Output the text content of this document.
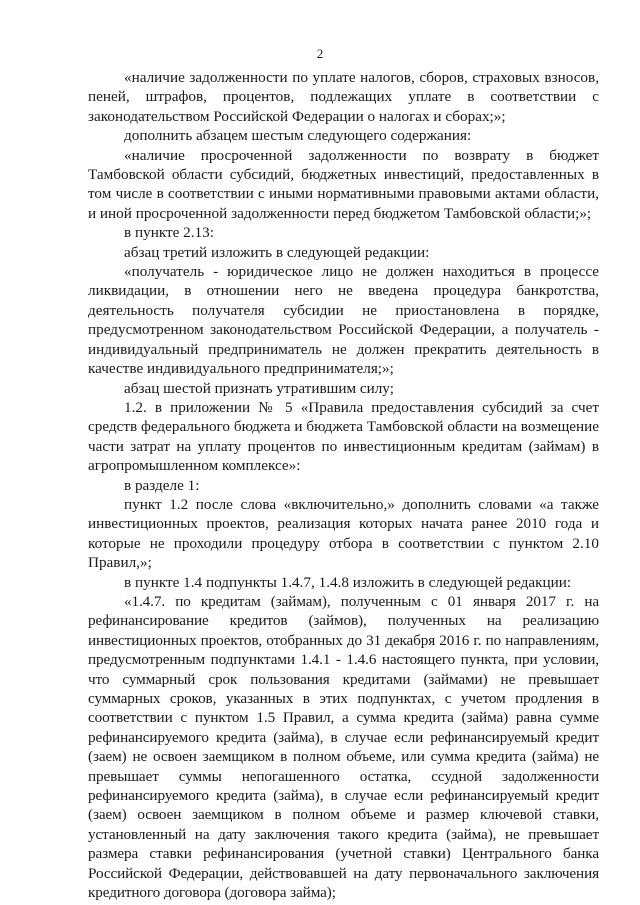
2

«наличие задолженности по уплате налогов, сборов, страховых взносов, пеней, штрафов, процентов, подлежащих уплате в соответствии с законодательством Российской Федерации о налогах и сборах;»;

дополнить абзацем шестым следующего содержания:

«наличие просроченной задолженности по возврату в бюджет Тамбовской области субсидий, бюджетных инвестиций, предоставленных в том числе в соответствии с иными нормативными правовыми актами области, и иной просроченной задолженности перед бюджетом Тамбовской области;»;

в пункте 2.13:

абзац третий изложить в следующей редакции:

«получатель - юридическое лицо не должен находиться в процессе ликвидации, в отношении него не введена процедура банкротства, деятельность получателя субсидии не приостановлена в порядке, предусмотренном законодательством Российской Федерации, а получатель - индивидуальный предприниматель не должен прекратить деятельность в качестве индивидуального предпринимателя;»;

абзац шестой признать утратившим силу;

1.2. в приложении № 5 «Правила предоставления субсидий за счет средств федерального бюджета и бюджета Тамбовской области на возмещение части затрат на уплату процентов по инвестиционным кредитам (займам) в агропромышленном комплексе»:

в разделе 1:

пункт 1.2 после слова «включительно,» дополнить словами «а также инвестиционных проектов, реализация которых начата ранее 2010 года и которые не проходили процедуру отбора в соответствии с пунктом 2.10 Правил,»;

в пункте 1.4 подпункты 1.4.7, 1.4.8 изложить в следующей редакции:

«1.4.7. по кредитам (займам), полученным с 01 января 2017 г. на рефинансирование кредитов (займов), полученных на реализацию инвестиционных проектов, отобранных до 31 декабря 2016 г. по направлениям, предусмотренным подпунктами 1.4.1 - 1.4.6 настоящего пункта, при условии, что суммарный срок пользования кредитами (займами) не превышает суммарных сроков, указанных в этих подпунктах, с учетом продления в соответствии с пунктом 1.5 Правил, а сумма кредита (займа) равна сумме рефинансируемого кредита (займа), в случае если рефинансируемый кредит (заем) не освоен заемщиком в полном объеме, или сумма кредита (займа) не превышает суммы непогашенного остатка, ссудной задолженности рефинансируемого кредита (займа), в случае если рефинансируемый кредит (заем) освоен заемщиком в полном объеме и размер ключевой ставки, установленный на дату заключения такого кредита (займа), не превышает размера ставки рефинансирования (учетной ставки) Центрального банка Российской Федерации, действовавшей на дату первоначального заключения кредитного договора (договора займа);
